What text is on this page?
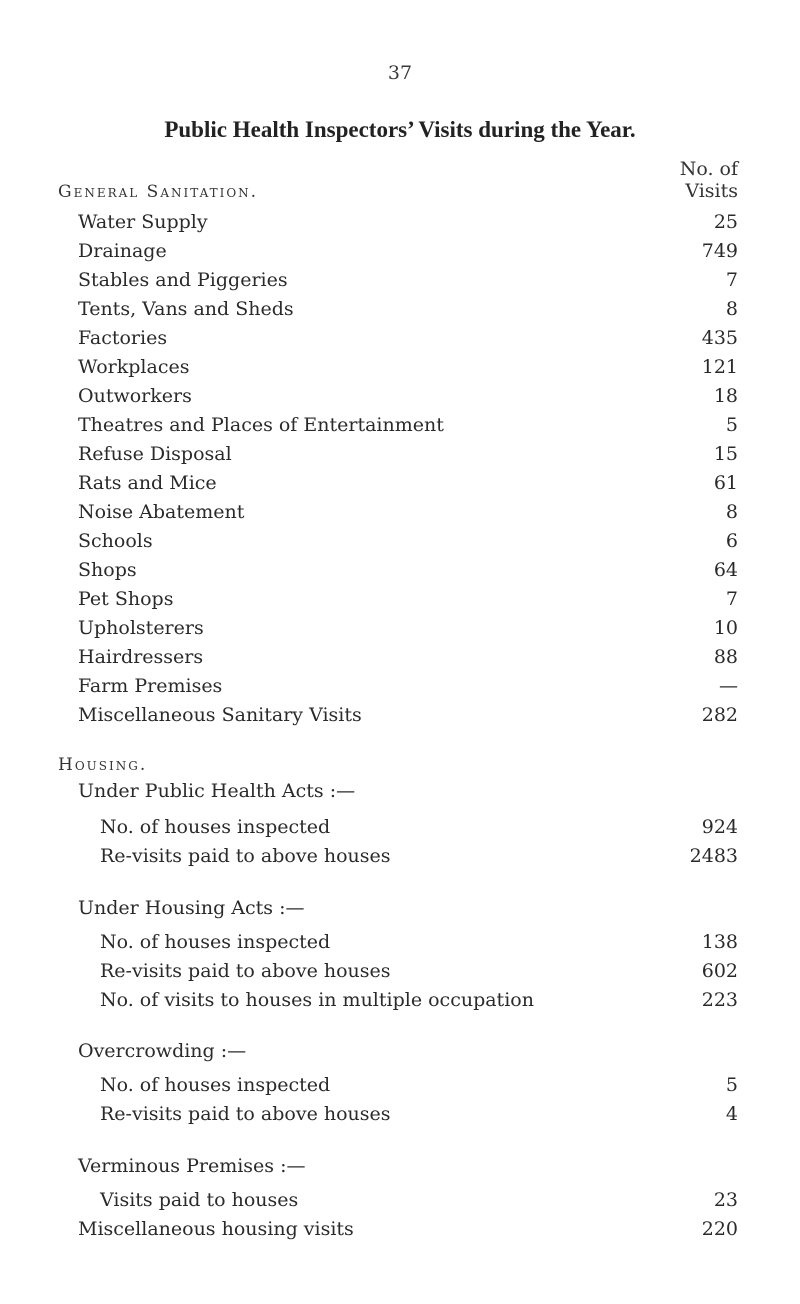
37
Public Health Inspectors’ Visits during the Year.
No. of
Visits
General Sanitation.
Water Supply	25
Drainage	749
Stables and Piggeries	7
Tents, Vans and Sheds	8
Factories	435
Workplaces	121
Outworkers	18
Theatres and Places of Entertainment	5
Refuse Disposal	15
Rats and Mice	61
Noise Abatement	8
Schools	6
Shops	64
Pet Shops	7
Upholsterers	10
Hairdressers	88
Farm Premises	—
Miscellaneous Sanitary Visits	282
Housing.
Under Public Health Acts :—
No. of houses inspected	924
Re-visits paid to above houses	2483
Under Housing Acts :—
No. of houses inspected	138
Re-visits paid to above houses	602
No. of visits to houses in multiple occupation	223
Overcrowding :—
No. of houses inspected	5
Re-visits paid to above houses	4
Verminous Premises :—
Visits paid to houses	23
Miscellaneous housing visits	220
